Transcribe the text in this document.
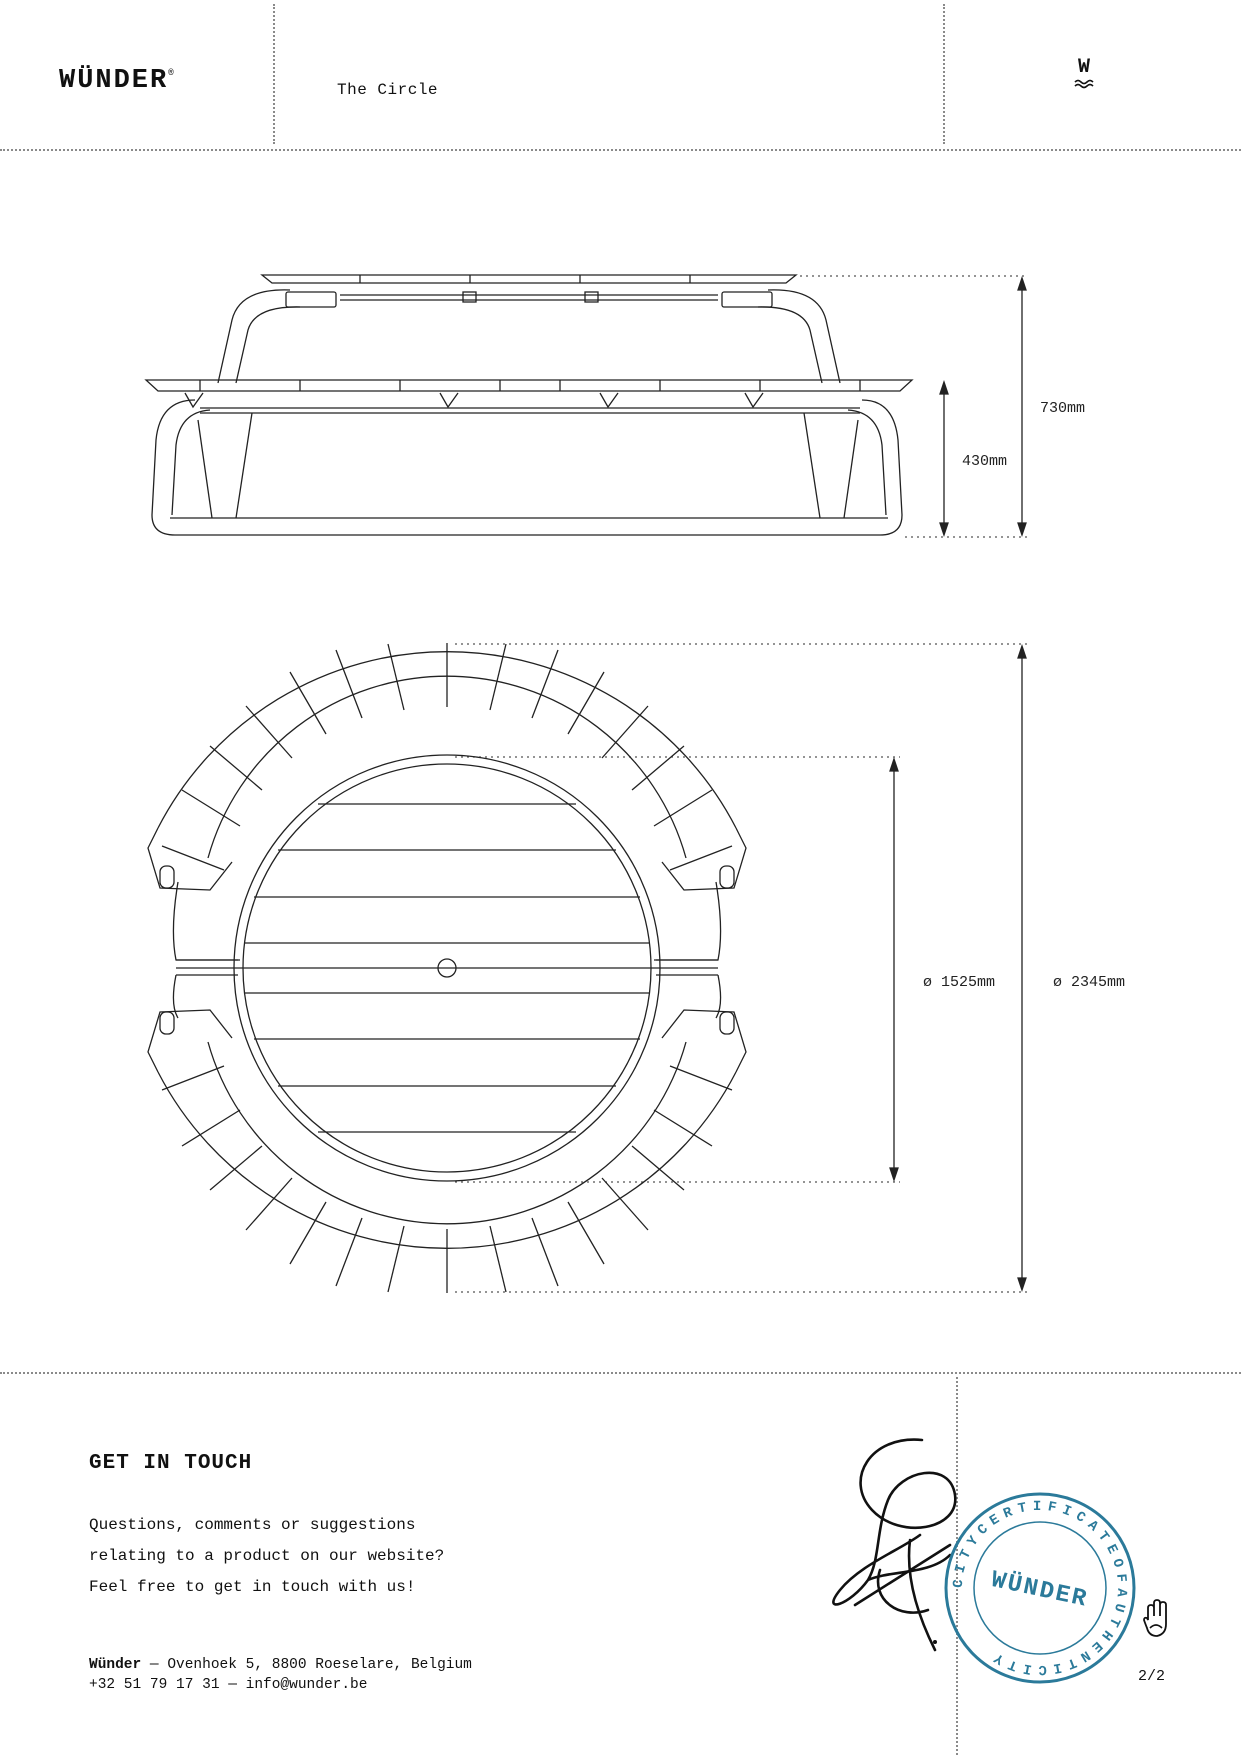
WÜNDER®
The Circle
W
730mm
430mm
ø 1525mm	ø 2345mm
GET IN TOUCH
Questions, comments or suggestions
relating to a product on our website?
Feel free to get in touch with us!
Wünder — Ovenhoek 5, 8800 Roeselare, Belgium
+32 51 79 17 31 — info@wunder.be
CITYCERTIFICATEOFAUTHENTICITY
WÜNDER
2/2
